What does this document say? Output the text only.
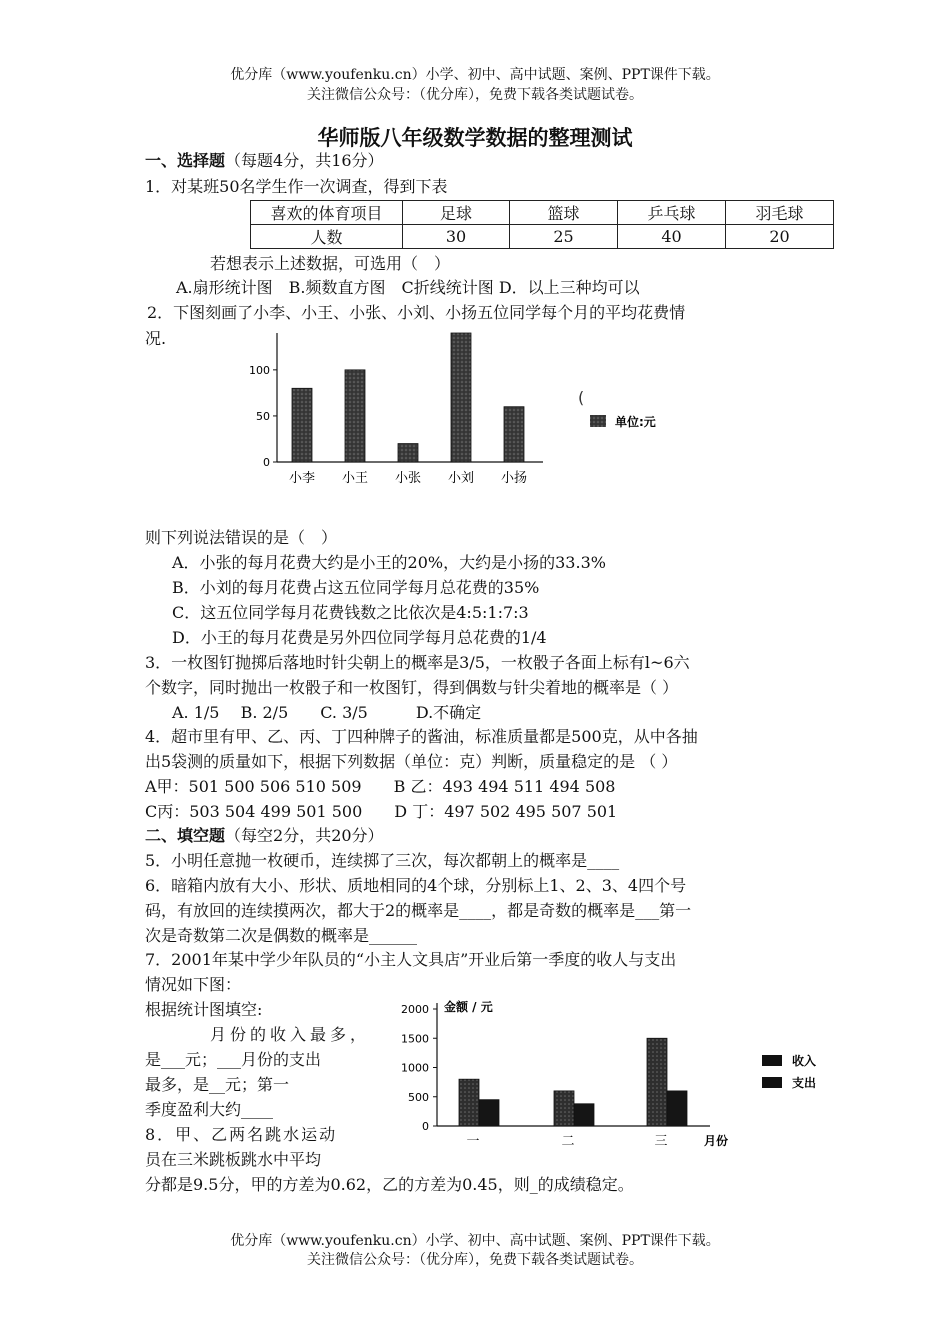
优分库（www.youfenku.cn）小学、初中、高中试题、案例、PPT课件下载。
关注微信公众号：（优分库），免费下载各类试题试卷。
华师版八年级数学数据的整理测试
一、选择题（每题4分，共16分）
1．对某班50名学生作一次调查，得到下表
喜欢的体育项目	足球	篮球	乒乓球	羽毛球
人数	30	25	40	20
若想表示上述数据，可选用（　）
A.扇形统计图　B.频数直方图　C折线统计图 D．以上三种均可以
2．下图刻画了小李、小王、小张、小刘、小扬五位同学每个月的平均花费情
况.
0
50
100
小李 小王 小张 小刘 小扬
(
单位:元
则下列说法错误的是（　）
A．小张的每月花费大约是小王的20%，大约是小扬的33.3%
B．小刘的每月花费占这五位同学每月总花费的35%
C．这五位同学每月花费钱数之比依次是4:5:1:7:3
D．小王的每月花费是另外四位同学每月总花费的1/4
3．一枚图钉抛掷后落地时针尖朝上的概率是3/5，一枚骰子各面上标有l~6六
个数字，同时抛出一枚骰子和一枚图钉，得到偶数与针尖着地的概率是（ ）
A. 1/5　 B. 2/5　　C. 3/5　　　D.不确定
4．超市里有甲、乙、丙、丁四种牌子的酱油，标准质量都是500克，从中各抽
出5袋测的质量如下，根据下列数据（单位：克）判断，质量稳定的是 （ ）
A甲：501 500 506 510 509　　B 乙：493 494 511 494 508
C丙：503 504 499 501 500　　D 丁：497 502 495 507 501
二、填空题（每空2分，共20分）
5．小明任意抛一枚硬币，连续掷了三次，每次都朝上的概率是____
6．暗箱内放有大小、形状、质地相同的4个球，分别标上1、2、3、4四个号
码，有放回的连续摸两次，都大于2的概率是____，都是奇数的概率是___第一
次是奇数第二次是偶数的概率是______
7．2001年某中学少年队员的“小主人文具店”开业后第一季度的收人与支出
情况如下图：
根据统计图填空:
月份的收入最多，
是___元；___月份的支出
最多，是__元；第一
季度盈利大约____
8．甲、乙两名跳水运动
员在三米跳板跳水中平均
分都是9.5分，甲的方差为0.62，乙的方差为0.45，则_的成绩稳定。
金额 / 元
0
500
1000
1500
2000
一	二	三	月份
收入
支出
优分库（www.youfenku.cn）小学、初中、高中试题、案例、PPT课件下载。
关注微信公众号：（优分库），免费下载各类试题试卷。
